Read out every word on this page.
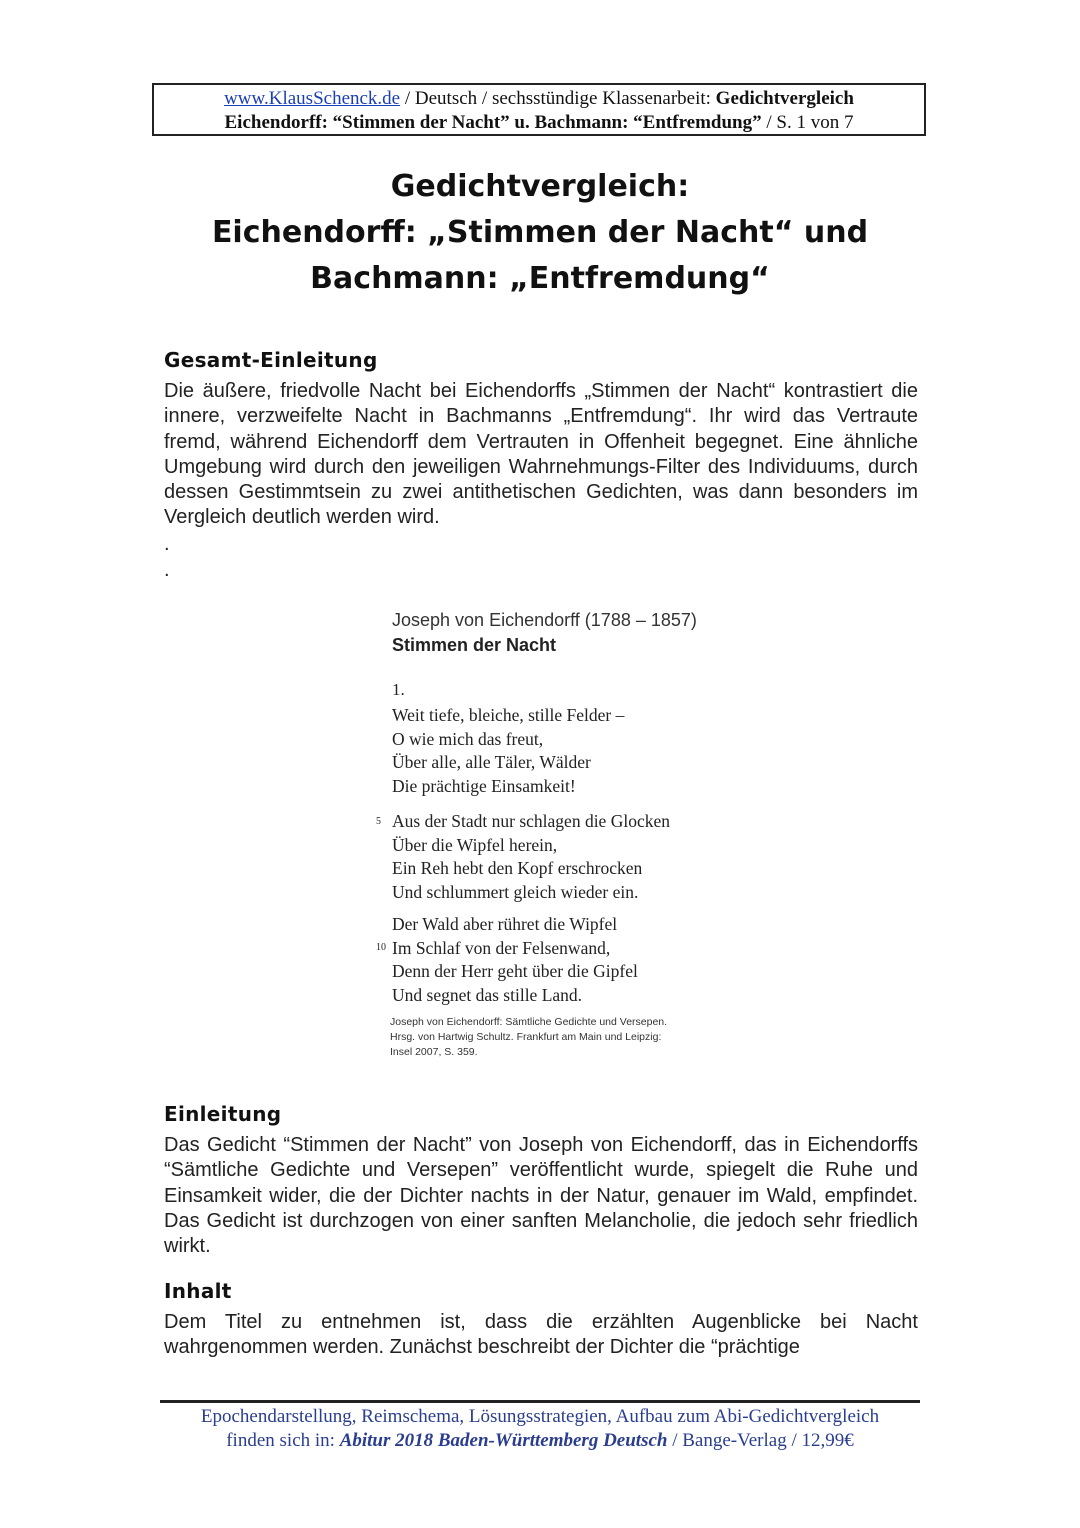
www.KlausSchenck.de / Deutsch / sechsstündige Klassenarbeit: Gedichtvergleich
Eichendorff: “Stimmen der Nacht” u. Bachmann: “Entfremdung” / S. 1 von 7
Gedichtvergleich:
Eichendorff: „Stimmen der Nacht“ und
Bachmann: „Entfremdung“
Gesamt-Einleitung

Die äußere, friedvolle Nacht bei Eichendorffs „Stimmen der Nacht“ kontrastiert die innere, verzweifelte Nacht in Bachmanns „Entfremdung“. Ihr wird das Vertraute fremd, während Eichendorff dem Vertrauten in Offenheit begegnet. Eine ähnliche Umgebung wird durch den jeweiligen Wahrnehmungs-Filter des Individuums, durch dessen Gestimmtsein zu zwei antithetischen Gedichten, was dann besonders im Vergleich deutlich werden wird.

.
.
Joseph von Eichendorff (1788 – 1857)
Stimmen der Nacht
1.
Weit tiefe, bleiche, stille Felder –
O wie mich das freut,
Über alle, alle Täler, Wälder
Die prächtige Einsamkeit!
5 Aus der Stadt nur schlagen die Glocken
Über die Wipfel herein,
Ein Reh hebt den Kopf erschrocken
Und schlummert gleich wieder ein.
10
Der Wald aber rühret die Wipfel
Im Schlaf von der Felsenwand,
Denn der Herr geht über die Gipfel
Und segnet das stille Land.
Joseph von Eichendorff: Sämtliche Gedichte und Versepen.
Hrsg. von Hartwig Schultz. Frankfurt am Main und Leipzig:
Insel 2007, S. 359.
Einleitung

Das Gedicht “Stimmen der Nacht” von Joseph von Eichendorff, das in Eichendorffs “Sämtliche Gedichte und Versepen” veröffentlicht wurde, spiegelt die Ruhe und Einsamkeit wider, die der Dichter nachts in der Natur, genauer im Wald, empfindet. Das Gedicht ist durchzogen von einer sanften Melancholie, die jedoch sehr friedlich wirkt.

Inhalt

Dem Titel zu entnehmen ist, dass die erzählten Augenblicke bei Nacht wahrgenommen werden. Zunächst beschreibt der Dichter die “prächtige

Epochendarstellung, Reimschema, Lösungsstrategien, Aufbau zum Abi-Gedichtvergleich
finden sich in: Abitur 2018 Baden-Württemberg Deutsch / Bange-Verlag / 12,99€
